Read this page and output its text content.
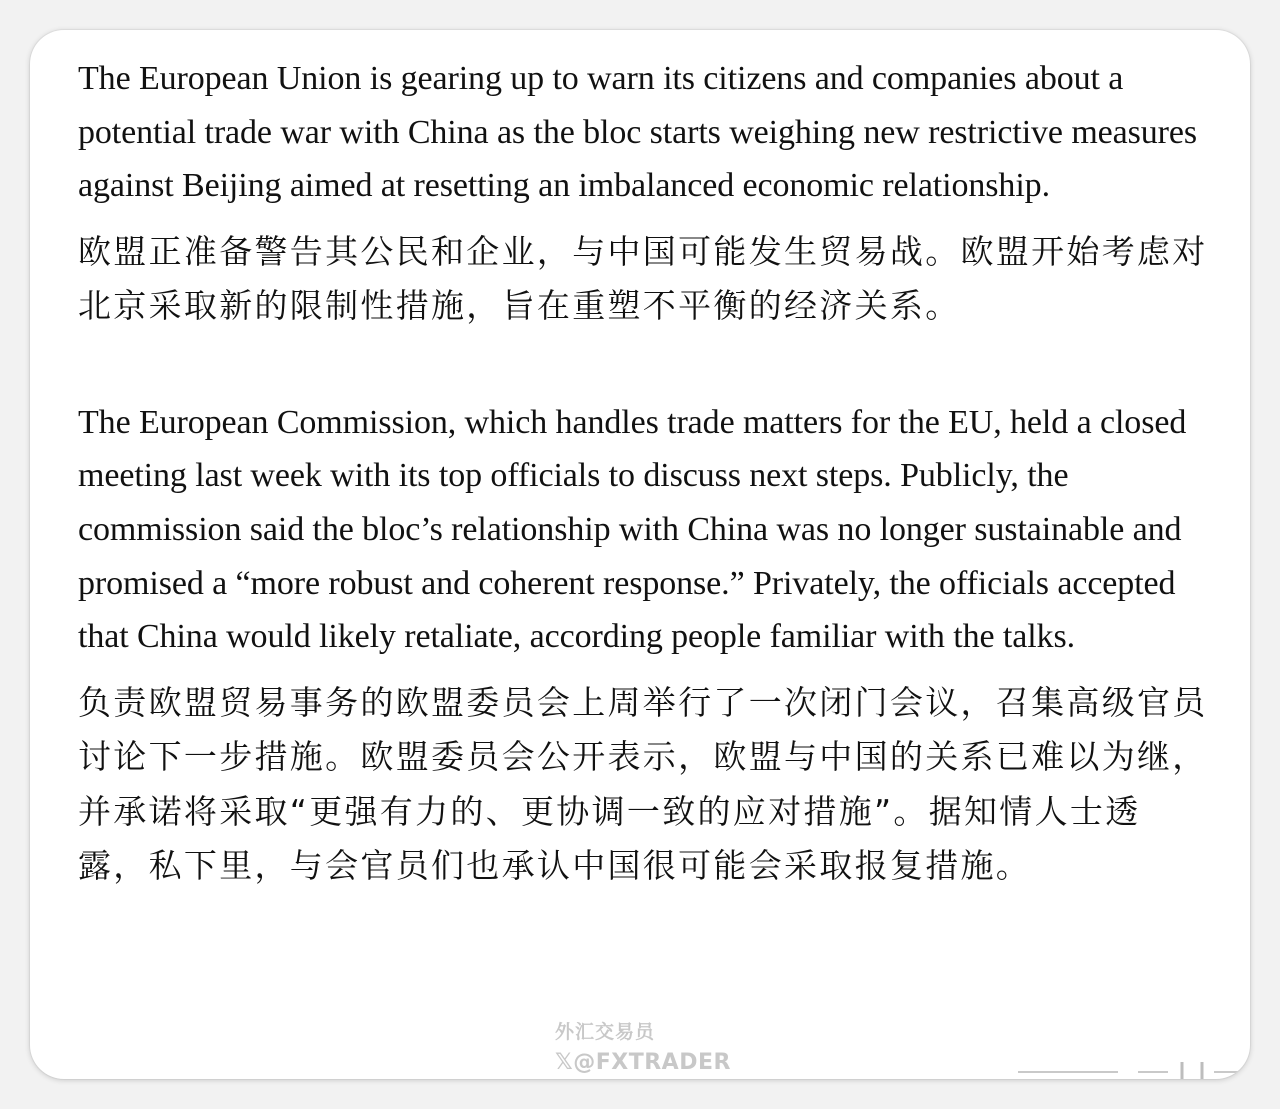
The European Union is gearing up to warn its citizens and companies about a potential trade war with China as the bloc starts weighing new restrictive measures against Beijing aimed at resetting an imbalanced economic relationship.

欧盟正准备警告其公民和企业，与中国可能发生贸易战。欧盟开始考虑对北京采取新的限制性措施，旨在重塑不平衡的经济关系。

The European Commission, which handles trade matters for the EU, held a closed meeting last week with its top officials to discuss next steps. Publicly, the commission said the bloc’s relationship with China was no longer sustainable and promised a “more robust and coherent response.” Privately, the officials accepted that China would likely retaliate, according people familiar with the talks.

负责欧盟贸易事务的欧盟委员会上周举行了一次闭门会议，召集高级官员讨论下一步措施。欧盟委员会公开表示，欧盟与中国的关系已难以为继，并承诺将采取“更强有力的、更协调一致的应对措施”。据知情人士透露，私下里，与会官员们也承认中国很可能会采取报复措施。

外汇交易员
𝕏@FXTRADER
